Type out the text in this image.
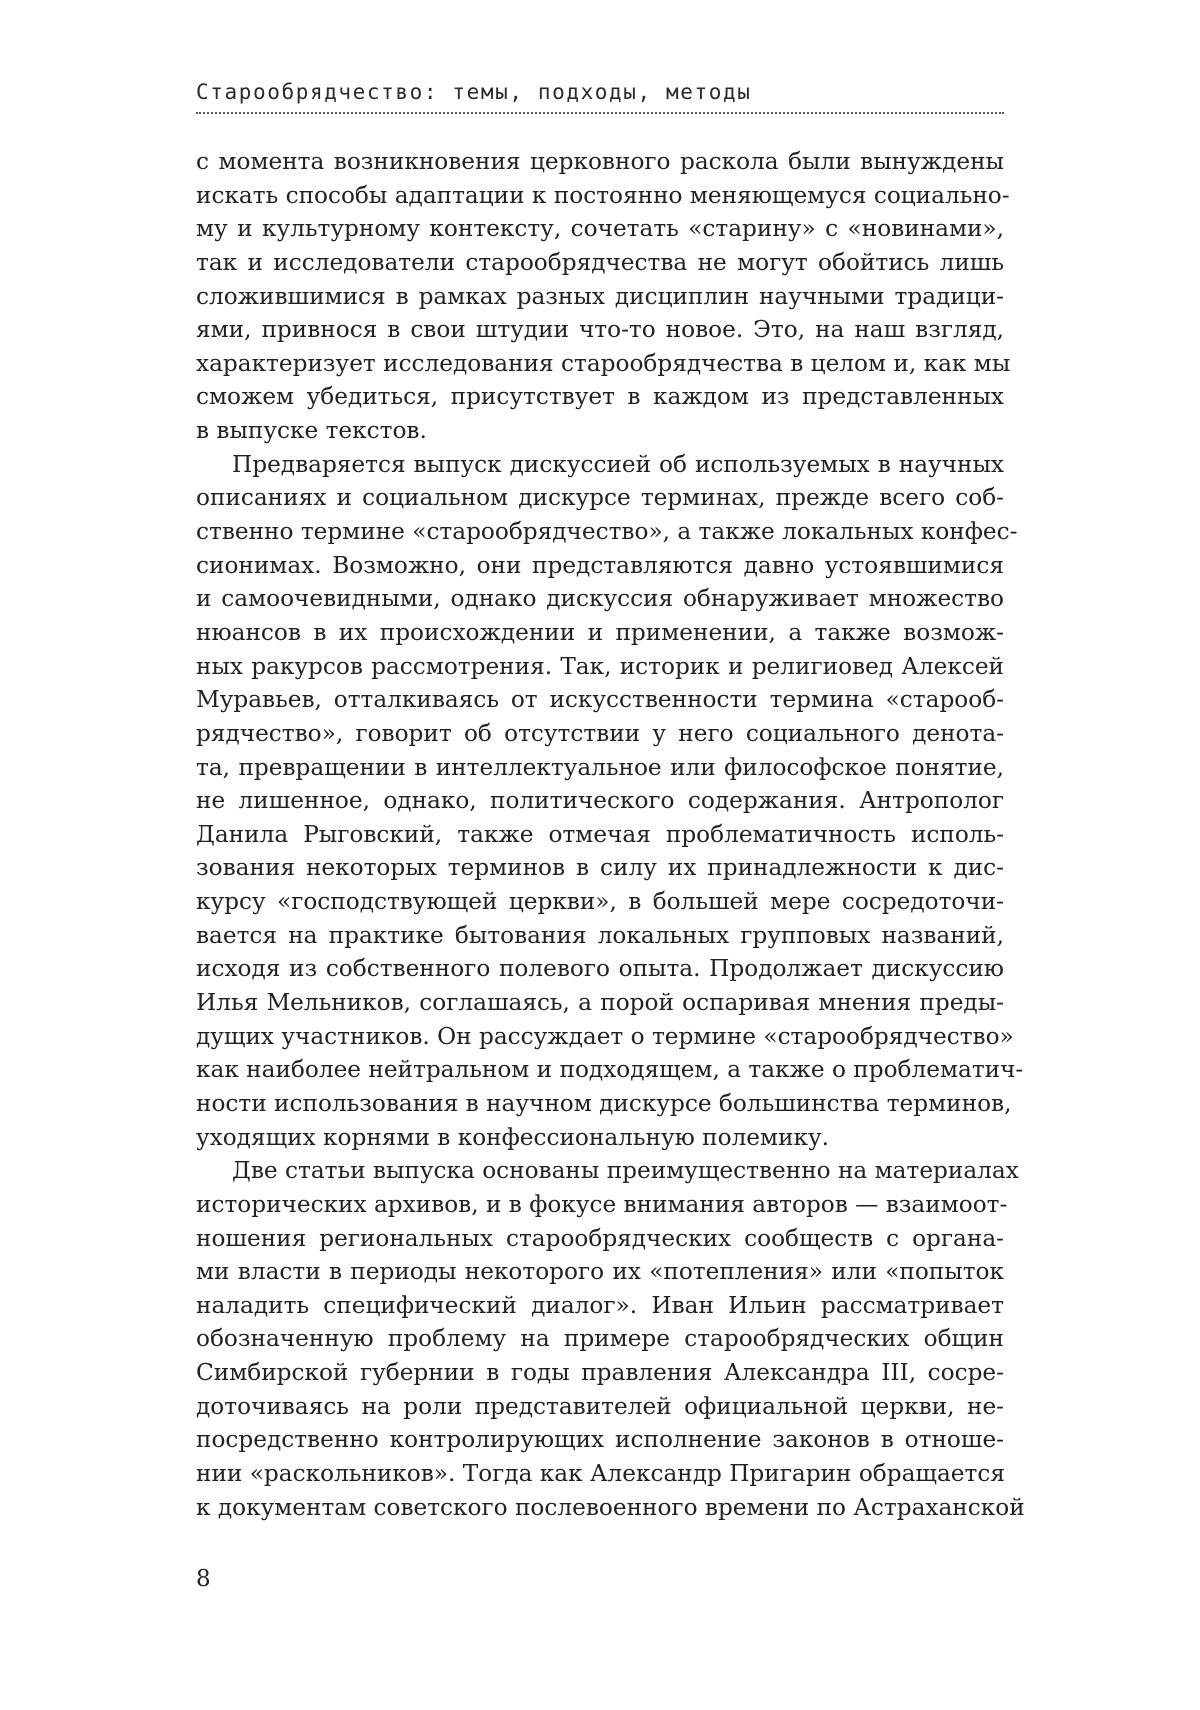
Старообрядчество: темы, подходы, методы
с момента возникновения церковного раскола были вынуждены
искать способы адаптации к постоянно меняющемуся социально-
му и культурному контексту, сочетать «старину» с «новинами»,
так и исследователи старообрядчества не могут обойтись лишь
сложившимися в рамках разных дисциплин научными традици-
ями, привнося в свои штудии что-то новое. Это, на наш взгляд,
характеризует исследования старообрядчества в целом и, как мы
сможем убедиться, присутствует в каждом из представленных
в выпуске текстов.
Предваряется выпуск дискуссией об используемых в научных
описаниях и социальном дискурсе терминах, прежде всего соб-
ственно термине «старообрядчество», а также локальных конфес-
сионимах. Возможно, они представляются давно устоявшимися
и самоочевидными, однако дискуссия обнаруживает множество
нюансов в их происхождении и применении, а также возмож-
ных ракурсов рассмотрения. Так, историк и религиовед Алексей
Муравьев, отталкиваясь от искусственности термина «старооб-
рядчество», говорит об отсутствии у него социального денота-
та, превращении в интеллектуальное или философское понятие,
не лишенное, однако, политического содержания. Антрополог
Данила Рыговский, также отмечая проблематичность исполь-
зования некоторых терминов в силу их принадлежности к дис-
курсу «господствующей церкви», в большей мере сосредоточи-
вается на практике бытования локальных групповых названий,
исходя из собственного полевого опыта. Продолжает дискуссию
Илья Мельников, соглашаясь, а порой оспаривая мнения преды-
дущих участников. Он рассуждает о термине «старообрядчество»
как наиболее нейтральном и подходящем, а также о проблематич-
ности использования в научном дискурсе большинства терминов,
уходящих корнями в конфессиональную полемику.
Две статьи выпуска основаны преимущественно на материалах
исторических архивов, и в фокусе внимания авторов — взаимоот-
ношения региональных старообрядческих сообществ с органа-
ми власти в периоды некоторого их «потепления» или «попыток
наладить специфический диалог». Иван Ильин рассматривает
обозначенную проблему на примере старообрядческих общин
Симбирской губернии в годы правления Александра III, сосре-
доточиваясь на роли представителей официальной церкви, не-
посредственно контролирующих исполнение законов в отноше-
нии «раскольников». Тогда как Александр Пригарин обращается
к документам советского послевоенного времени по Астраханской
8
